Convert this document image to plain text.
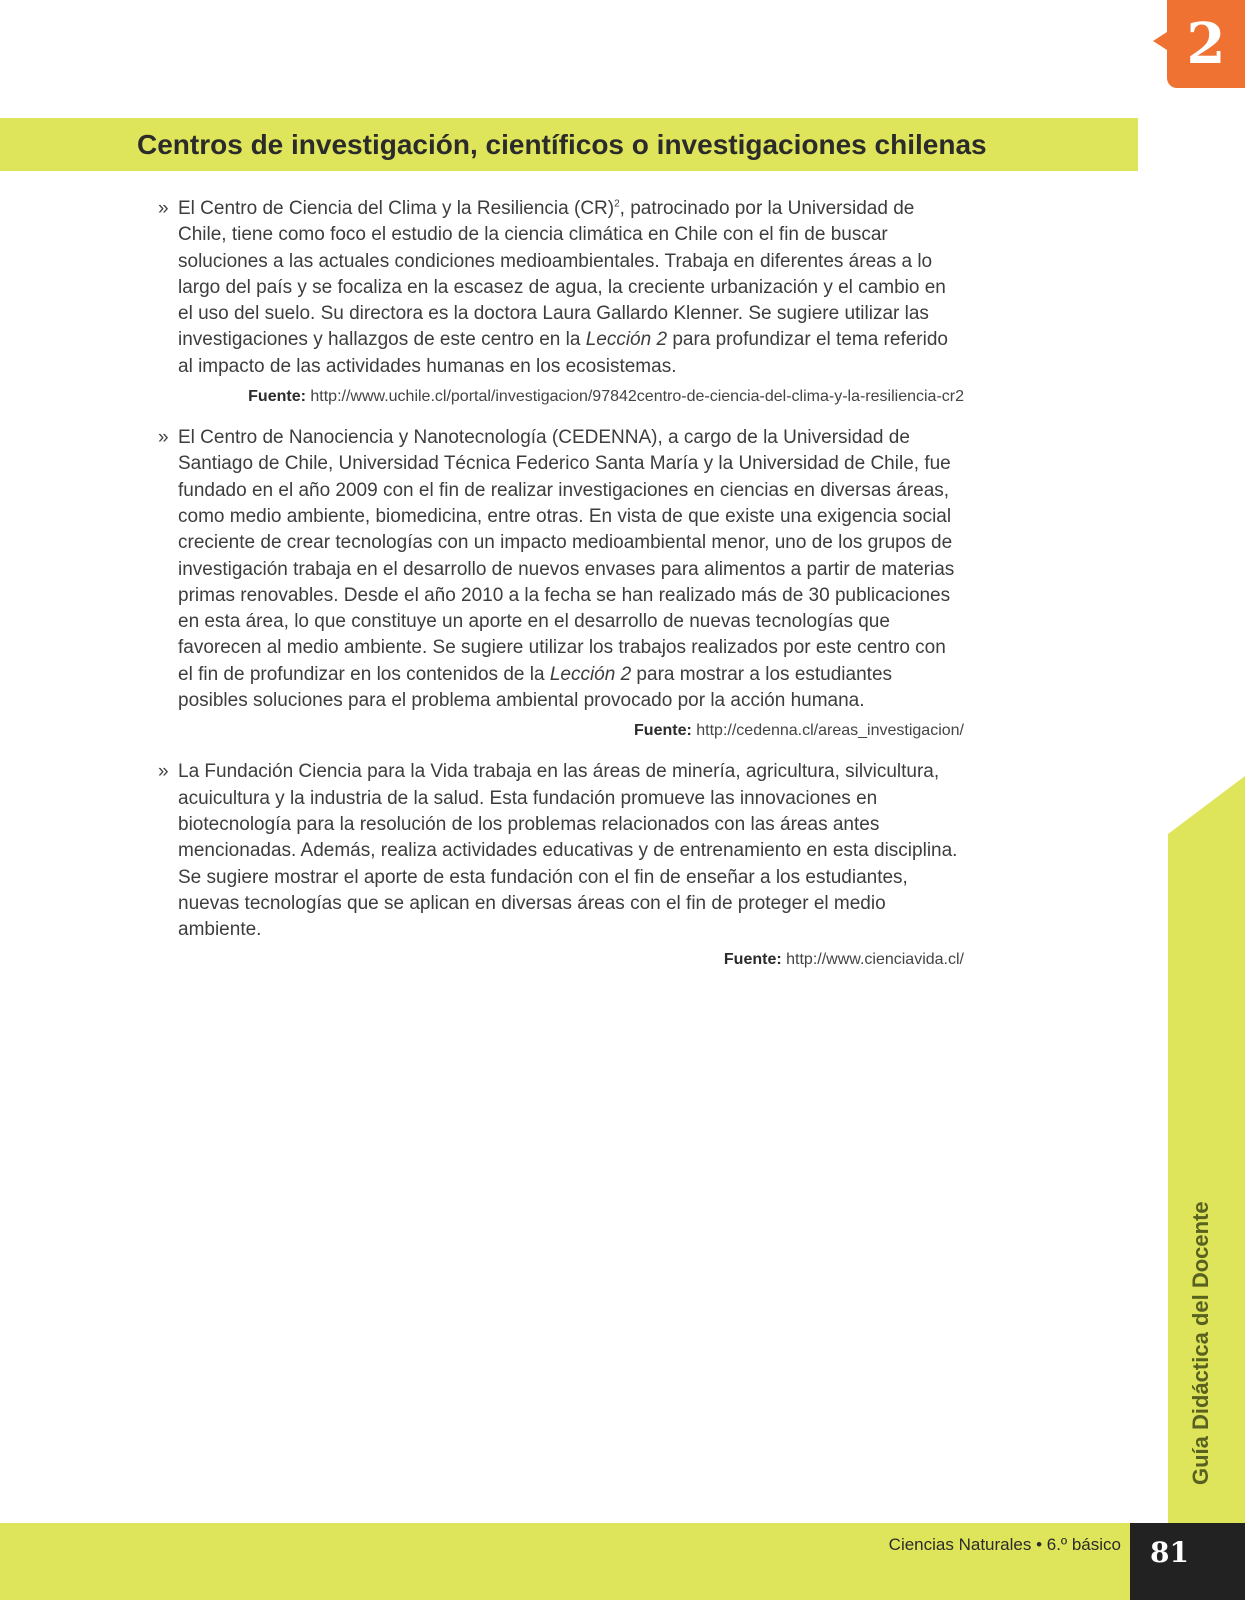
2
Centros de investigación, científicos o investigaciones chilenas
» El Centro de Ciencia del Clima y la Resiliencia (CR)$^2$, patrocinado por la Universidad de Chile, tiene como foco el estudio de la ciencia climática en Chile con el fin de buscar soluciones a las actuales condiciones medioambientales. Trabaja en diferentes áreas a lo largo del país y se focaliza en la escasez de agua, la creciente urbanización y el cambio en el uso del suelo. Su directora es la doctora Laura Gallardo Klenner. Se sugiere utilizar las investigaciones y hallazgos de este centro en la Lección 2 para profundizar el tema referido al impacto de las actividades humanas en los ecosistemas.

Fuente: http://www.uchile.cl/portal/investigacion/97842centro-de-ciencia-del-clima-y-la-resiliencia-cr2

» El Centro de Nanociencia y Nanotecnología (CEDENNA), a cargo de la Universidad de Santiago de Chile, Universidad Técnica Federico Santa María y la Universidad de Chile, fue fundado en el año 2009 con el fin de realizar investigaciones en ciencias en diversas áreas, como medio ambiente, biomedicina, entre otras. En vista de que existe una exigencia social creciente de crear tecnologías con un impacto medioambiental menor, uno de los grupos de investigación trabaja en el desarrollo de nuevos envases para alimentos a partir de materias primas renovables. Desde el año 2010 a la fecha se han realizado más de 30 publicaciones en esta área, lo que constituye un aporte en el desarrollo de nuevas tecnologías que favorecen al medio ambiente. Se sugiere utilizar los trabajos realizados por este centro con el fin de profundizar en los contenidos de la Lección 2 para mostrar a los estudiantes posibles soluciones para el problema ambiental provocado por la acción humana.

Fuente: http://cedenna.cl/areas_investigacion/

» La Fundación Ciencia para la Vida trabaja en las áreas de minería, agricultura, silvicultura, acuicultura y la industria de la salud. Esta fundación promueve las innovaciones en biotecnología para la resolución de los problemas relacionados con las áreas antes mencionadas. Además, realiza actividades educativas y de entrenamiento en esta disciplina. Se sugiere mostrar el aporte de esta fundación con el fin de enseñar a los estudiantes, nuevas tecnologías que se aplican en diversas áreas con el fin de proteger el medio ambiente.

Fuente: http://www.cienciavida.cl/

Guía Didáctica del Docente
Ciencias Naturales • 6.º básico 81
